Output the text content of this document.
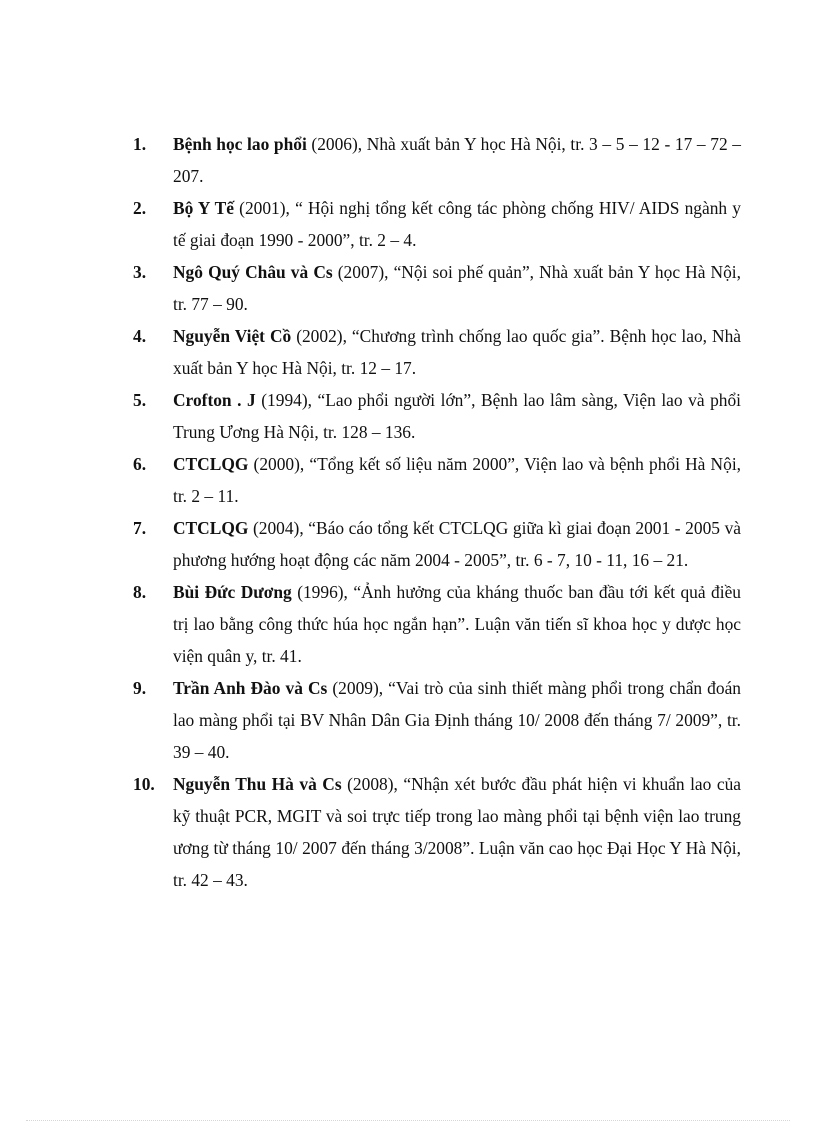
1.	Bệnh học lao phổi (2006), Nhà xuất bản Y học Hà Nội, tr. 3 – 5 – 12 - 17 – 72 – 207.
2.	Bộ Y Tế (2001), “ Hội nghị tổng kết công tác phòng chống HIV/ AIDS ngành y tế giai đoạn 1990 - 2000”, tr. 2 – 4.
3.	Ngô Quý Châu và Cs (2007), “Nội soi phế quản”, Nhà xuất bản Y học Hà Nội, tr. 77 – 90.
4.	Nguyễn Việt Cồ (2002), “Chương trình chống lao quốc gia”. Bệnh học lao, Nhà xuất bản Y học Hà Nội, tr. 12 – 17.
5.	Crofton . J (1994), “Lao phổi người lớn”, Bệnh lao lâm sàng, Viện lao và phổi Trung Ương Hà Nội, tr. 128 – 136.
6.	CTCLQG (2000), “Tổng kết số liệu năm 2000”, Viện lao và bệnh phổi Hà Nội, tr. 2 – 11.
7.	CTCLQG (2004), “Báo cáo tổng kết CTCLQG giữa kì giai đoạn 2001 - 2005 và phương hướng hoạt động các năm 2004 - 2005”, tr. 6 - 7, 10 - 11, 16 – 21.
8.	Bùi Đức Dương (1996), “Ảnh hưởng của kháng thuốc ban đầu tới kết quả điều trị lao bằng công thức húa học ngắn hạn”. Luận văn tiến sĩ khoa học y dược học viện quân y, tr. 41.
9.	Trần Anh Đào và Cs (2009), “Vai trò của sinh thiết màng phổi trong chẩn đoán lao màng phổi tại BV Nhân Dân Gia Định tháng 10/ 2008 đến tháng 7/ 2009”, tr. 39 – 40.
10.	Nguyễn Thu Hà và Cs (2008), “Nhận xét bước đầu phát hiện vi khuẩn lao của kỹ thuật PCR, MGIT và soi trực tiếp trong lao màng phổi tại bệnh viện lao trung ương từ tháng 10/ 2007 đến tháng 3/2008”. Luận văn cao học Đại Học Y Hà Nội, tr. 42 – 43.
